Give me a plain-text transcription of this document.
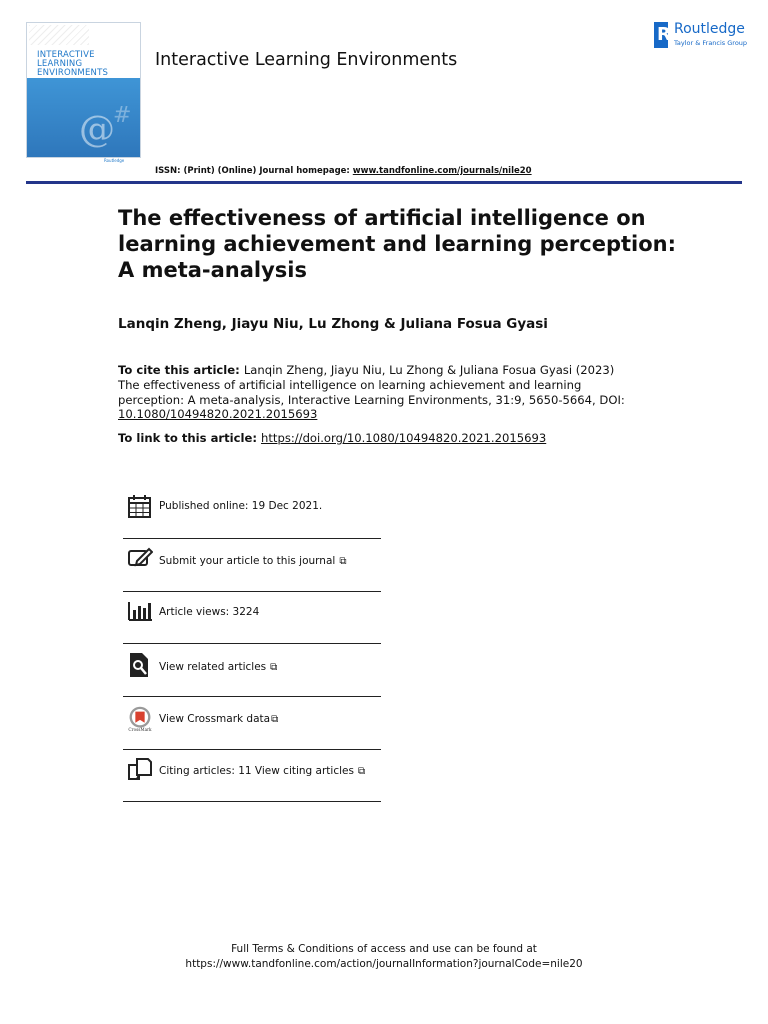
INTERACTIVE
LEARNING
ENVIRONMENTS
@
#
Routledge
Interactive Learning Environments
R Routledge
Taylor & Francis Group
ISSN: (Print) (Online) Journal homepage: www.tandfonline.com/journals/nile20
The effectiveness of artificial intelligence on learning achievement and learning perception: A meta-analysis
Lanqin Zheng, Jiayu Niu, Lu Zhong & Juliana Fosua Gyasi
To cite this article: Lanqin Zheng, Jiayu Niu, Lu Zhong & Juliana Fosua Gyasi (2023) The effectiveness of artificial intelligence on learning achievement and learning perception: A meta-analysis, Interactive Learning Environments, 31:9, 5650-5664, DOI: 10.1080/10494820.2021.2015693
To link to this article: https://doi.org/10.1080/10494820.2021.2015693
Published online: 19 Dec 2021.
Submit your article to this journal ⧉
Article views: 3224
View related articles ⧉
CrossMark
View Crossmark data⧉
Citing articles: 11 View citing articles ⧉
Full Terms & Conditions of access and use can be found at
https://www.tandfonline.com/action/journalInformation?journalCode=nile20
